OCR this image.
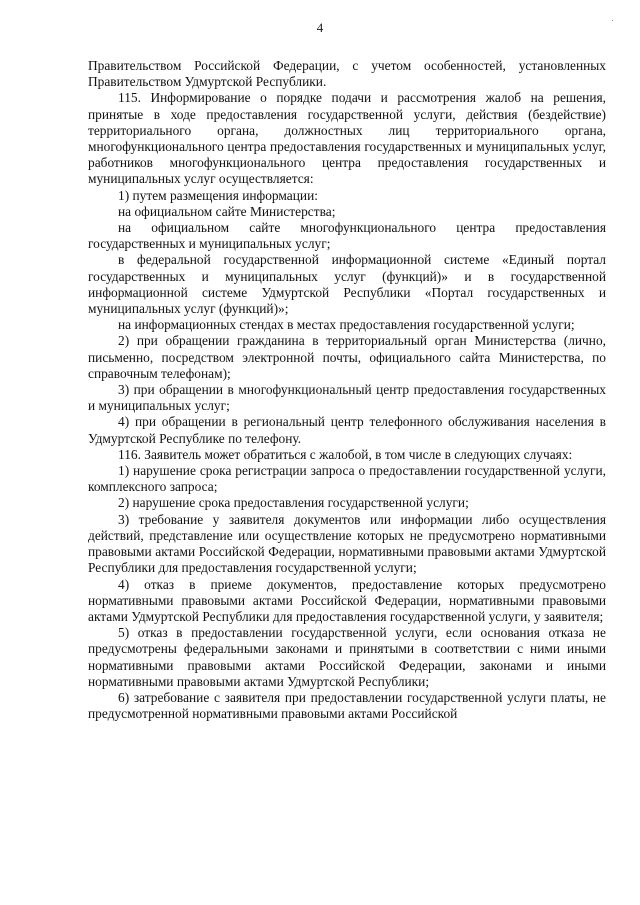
4

Правительством Российской Федерации, с учетом особенностей, установленных Правительством Удмуртской Республики.

115. Информирование о порядке подачи и рассмотрения жалоб на решения, принятые в ходе предоставления государственной услуги, действия (бездействие) территориального органа, должностных лиц территориального органа, многофункционального центра предоставления государственных и муниципальных услуг, работников многофункционального центра предоставления государственных и муниципальных услуг осуществляется:

1) путем размещения информации:

на официальном сайте Министерства;

на официальном сайте многофункционального центра предоставления государственных и муниципальных услуг;

в федеральной государственной информационной системе «Единый портал государственных и муниципальных услуг (функций)» и в государственной информационной системе Удмуртской Республики «Портал государственных и муниципальных услуг (функций)»;

на информационных стендах в местах предоставления государственной услуги;

2) при обращении гражданина в территориальный орган Министерства (лично, письменно, посредством электронной почты, официального сайта Министерства, по справочным телефонам);

3) при обращении в многофункциональный центр предоставления государственных и муниципальных услуг;

4) при обращении в региональный центр телефонного обслуживания населения в Удмуртской Республике по телефону.

116. Заявитель может обратиться с жалобой, в том числе в следующих случаях:

1) нарушение срока регистрации запроса о предоставлении государственной услуги, комплексного запроса;

2) нарушение срока предоставления государственной услуги;

3) требование у заявителя документов или информации либо осуществления действий, представление или осуществление которых не предусмотрено нормативными правовыми актами Российской Федерации, нормативными правовыми актами Удмуртской Республики для предоставления государственной услуги;

4) отказ в приеме документов, предоставление которых предусмотрено нормативными правовыми актами Российской Федерации, нормативными правовыми актами Удмуртской Республики для предоставления государственной услуги, у заявителя;

5) отказ в предоставлении государственной услуги, если основания отказа не предусмотрены федеральными законами и принятыми в соответствии с ними иными нормативными правовыми актами Российской Федерации, законами и иными нормативными правовыми актами Удмуртской Республики;

6) затребование с заявителя при предоставлении государственной услуги платы, не предусмотренной нормативными правовыми актами Российской
